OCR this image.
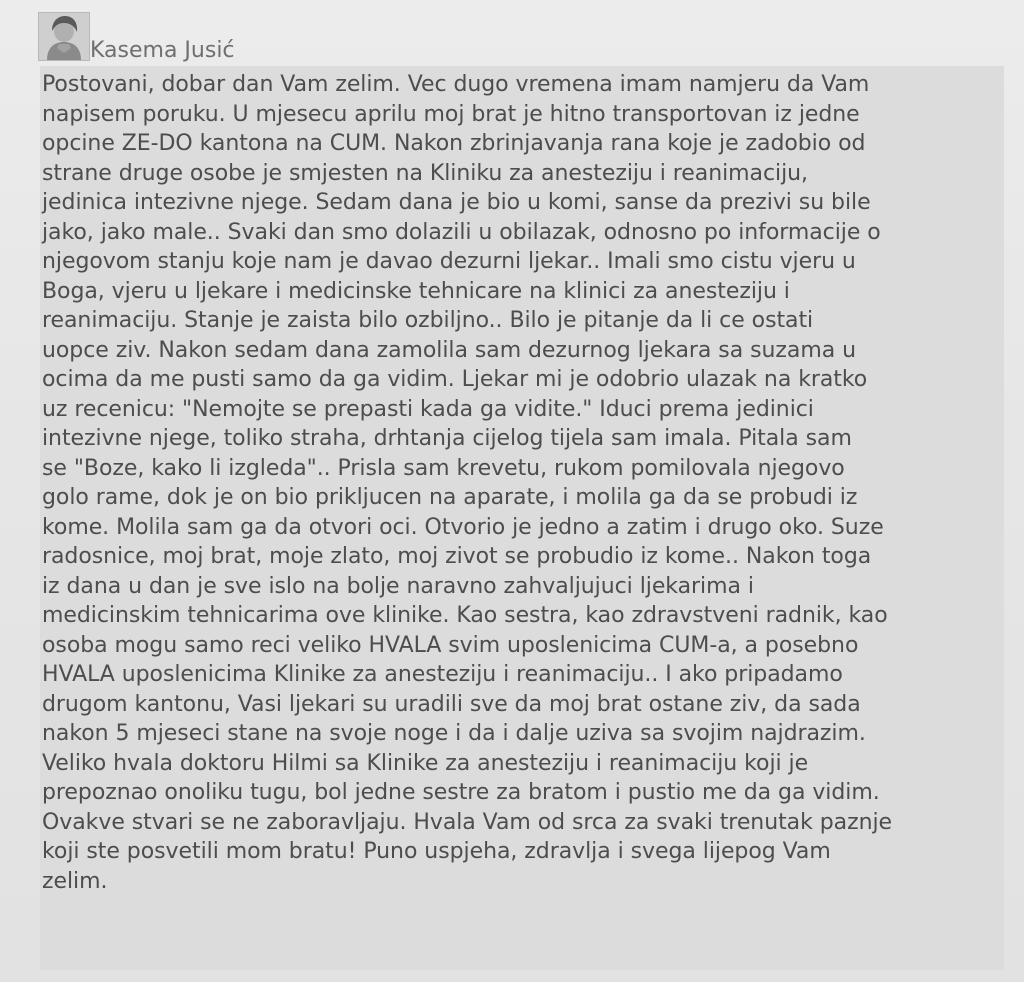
Kasema Jusić
Postovani, dobar dan Vam zelim. Vec dugo vremena imam namjeru da Vam
napisem poruku. U mjesecu aprilu moj brat je hitno transportovan iz jedne
opcine ZE-DO kantona na CUM. Nakon zbrinjavanja rana koje je zadobio od
strane druge osobe je smjesten na Kliniku za anesteziju i reanimaciju,
jedinica intezivne njege. Sedam dana je bio u komi, sanse da prezivi su bile
jako, jako male.. Svaki dan smo dolazili u obilazak, odnosno po informacije o
njegovom stanju koje nam je davao dezurni ljekar.. Imali smo cistu vjeru u
Boga, vjeru u ljekare i medicinske tehnicare na klinici za anesteziju i
reanimaciju. Stanje je zaista bilo ozbiljno.. Bilo je pitanje da li ce ostati
uopce ziv. Nakon sedam dana zamolila sam dezurnog ljekara sa suzama u
ocima da me pusti samo da ga vidim. Ljekar mi je odobrio ulazak na kratko
uz recenicu: "Nemojte se prepasti kada ga vidite." Iduci prema jedinici
intezivne njege, toliko straha, drhtanja cijelog tijela sam imala. Pitala sam
se "Boze, kako li izgleda".. Prisla sam krevetu, rukom pomilovala njegovo
golo rame, dok je on bio prikljucen na aparate, i molila ga da se probudi iz
kome. Molila sam ga da otvori oci. Otvorio je jedno a zatim i drugo oko. Suze
radosnice, moj brat, moje zlato, moj zivot se probudio iz kome.. Nakon toga
iz dana u dan je sve islo na bolje naravno zahvaljujuci ljekarima i
medicinskim tehnicarima ove klinike. Kao sestra, kao zdravstveni radnik, kao
osoba mogu samo reci veliko HVALA svim uposlenicima CUM-a, a posebno
HVALA uposlenicima Klinike za anesteziju i reanimaciju.. I ako pripadamo
drugom kantonu, Vasi ljekari su uradili sve da moj brat ostane ziv, da sada
nakon 5 mjeseci stane na svoje noge i da i dalje uziva sa svojim najdrazim.
Veliko hvala doktoru Hilmi sa Klinike za anesteziju i reanimaciju koji je
prepoznao onoliku tugu, bol jedne sestre za bratom i pustio me da ga vidim.
Ovakve stvari se ne zaboravljaju. Hvala Vam od srca za svaki trenutak paznje
koji ste posvetili mom bratu! Puno uspjeha, zdravlja i svega lijepog Vam
zelim.
